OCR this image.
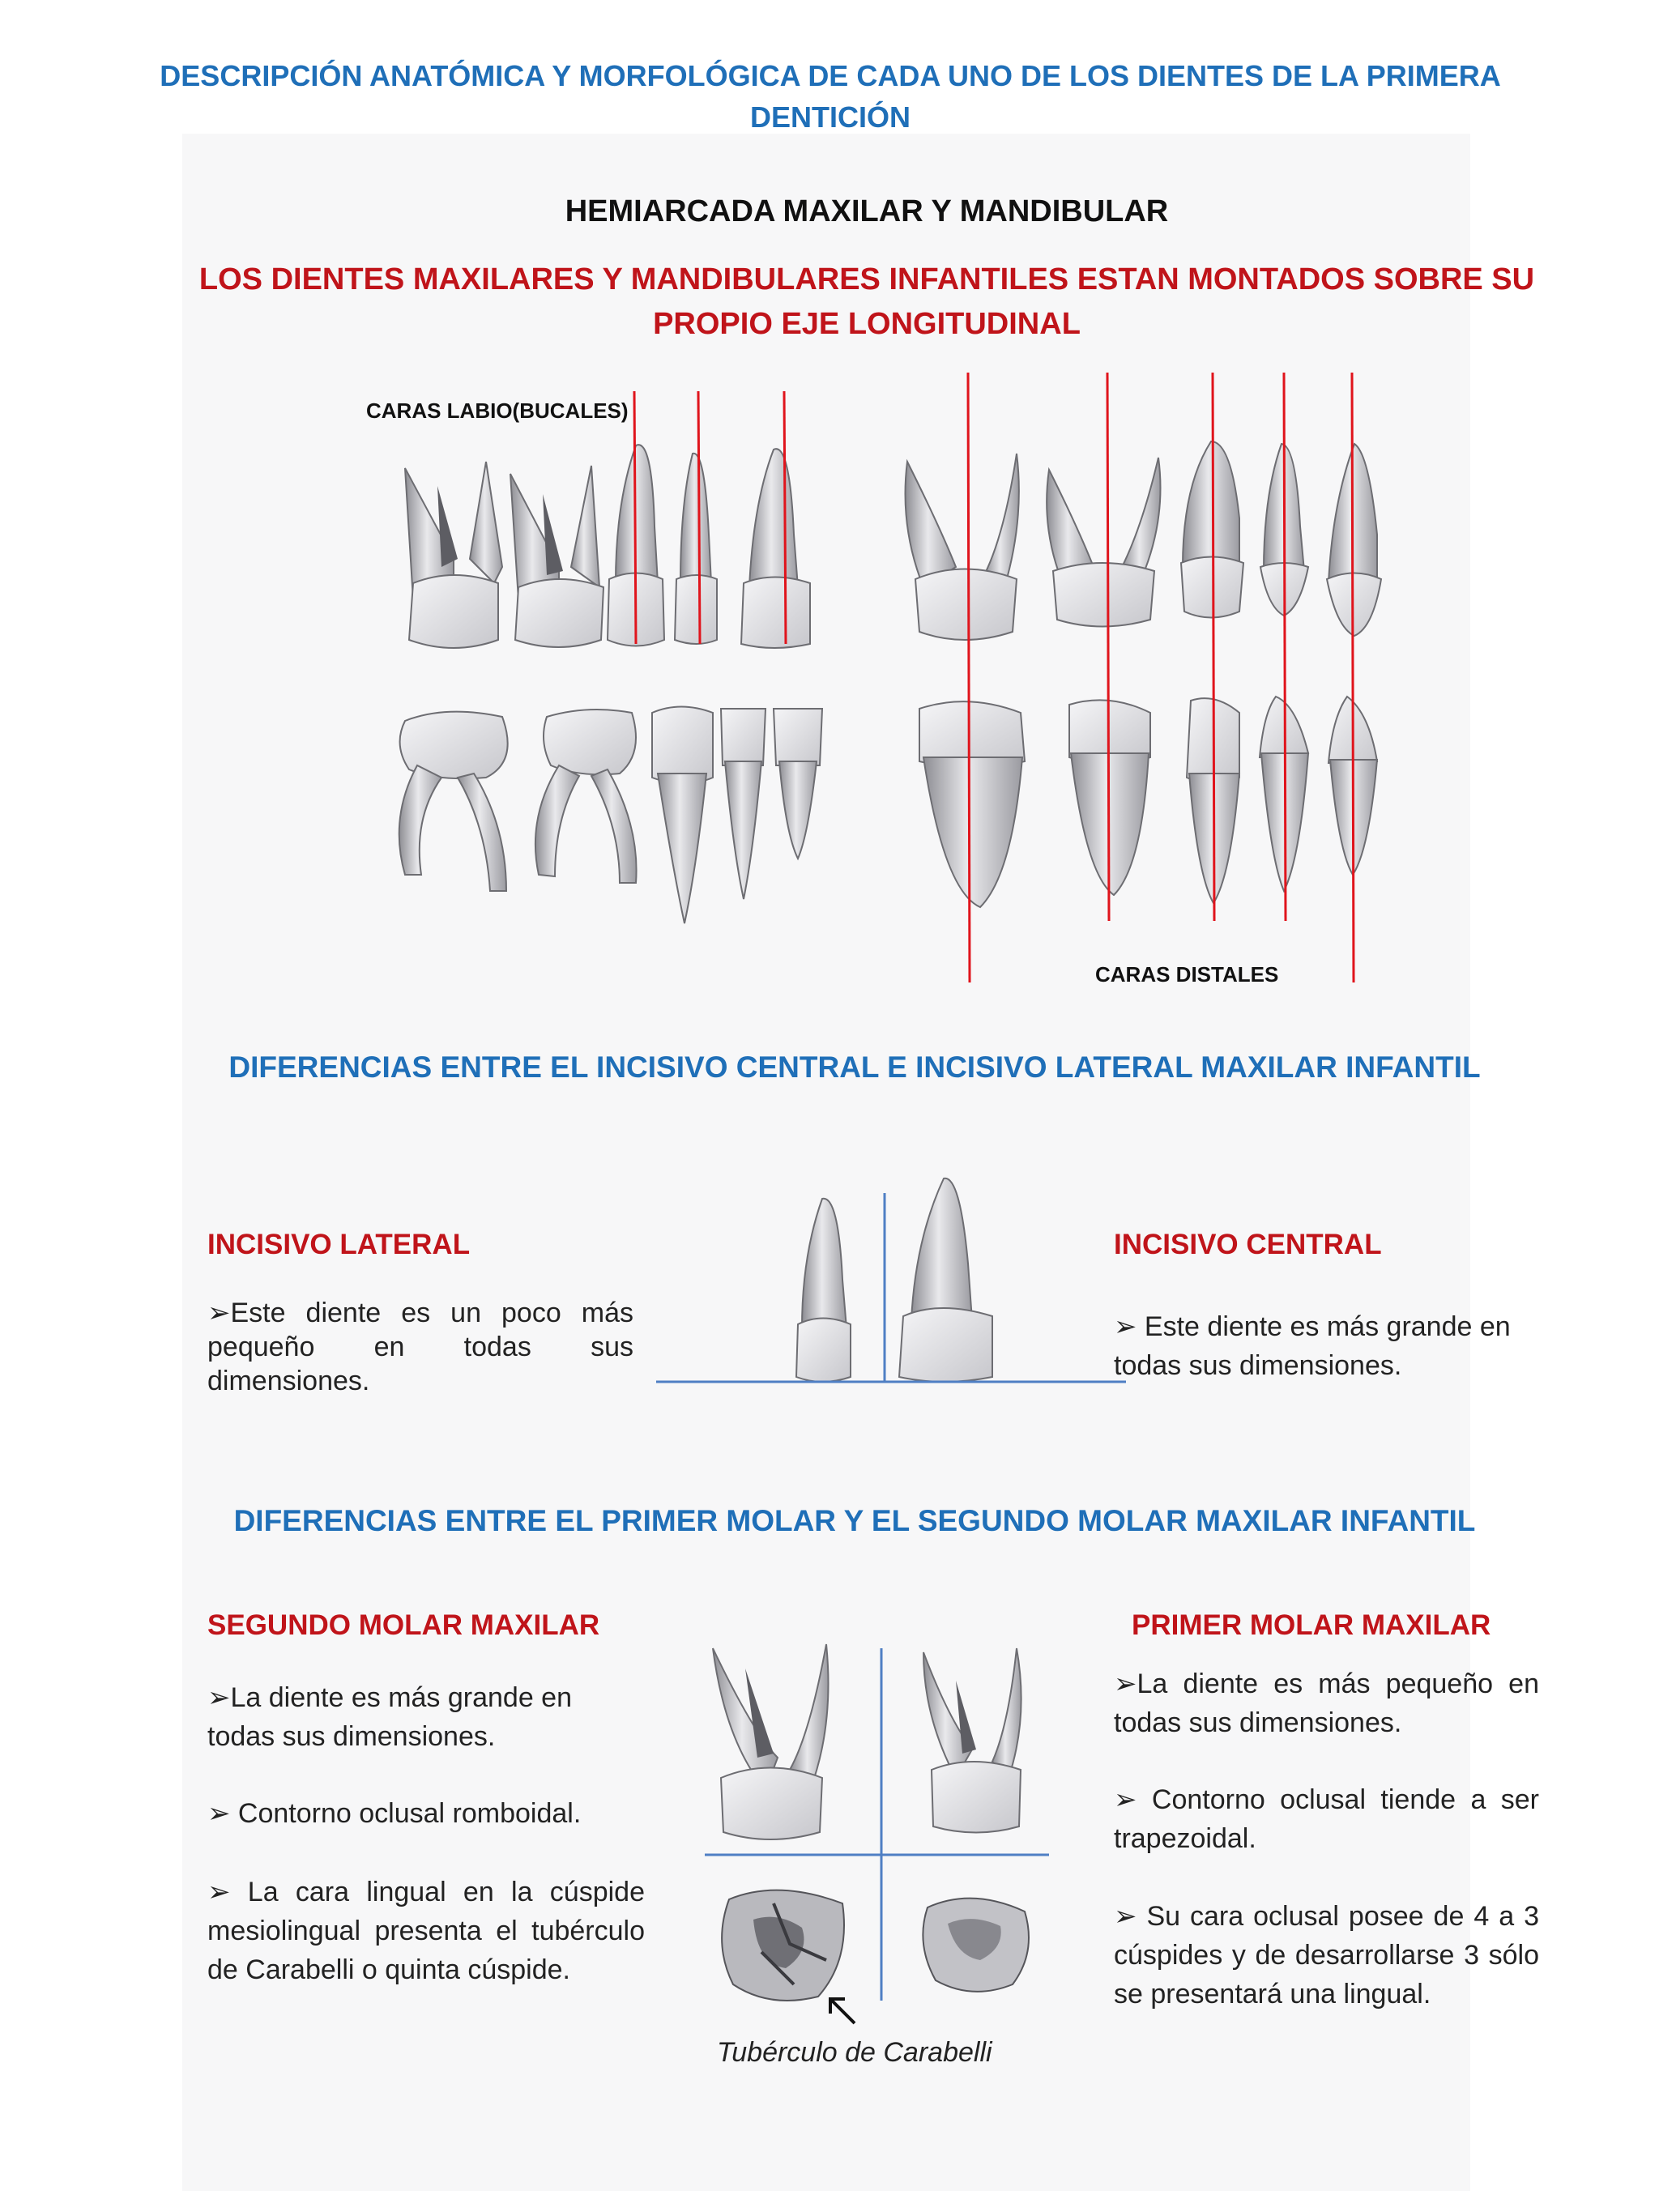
DESCRIPCIÓN ANATÓMICA Y MORFOLÓGICA DE CADA UNO DE LOS DIENTES DE LA PRIMERA DENTICIÓN
HEMIARCADA MAXILAR Y MANDIBULAR
LOS DIENTES MAXILARES Y MANDIBULARES INFANTILES ESTAN MONTADOS SOBRE SU PROPIO EJE LONGITUDINAL
CARAS LABIO(BUCALES)
CARAS DISTALES
DIFERENCIAS ENTRE EL INCISIVO CENTRAL E INCISIVO LATERAL MAXILAR INFANTIL
INCISIVO LATERAL
➢Este diente es un poco más pequeño en todas sus dimensiones.
INCISIVO CENTRAL
➢ Este diente es más grande en todas sus dimensiones.
DIFERENCIAS ENTRE EL PRIMER MOLAR Y EL SEGUNDO MOLAR MAXILAR INFANTIL
SEGUNDO MOLAR MAXILAR
➢La diente es más grande en todas sus dimensiones.
➢ Contorno oclusal romboidal.
➢ La cara lingual en la cúspide mesiolingual presenta el tubérculo de Carabelli o quinta cúspide.
PRIMER MOLAR MAXILAR
➢La diente es más pequeño en todas sus dimensiones.
➢ Contorno oclusal tiende a ser trapezoidal.
➢ Su cara oclusal posee de 4 a 3 cúspides y de desarrollarse 3 sólo se presentará una lingual.
Tubérculo de Carabelli
